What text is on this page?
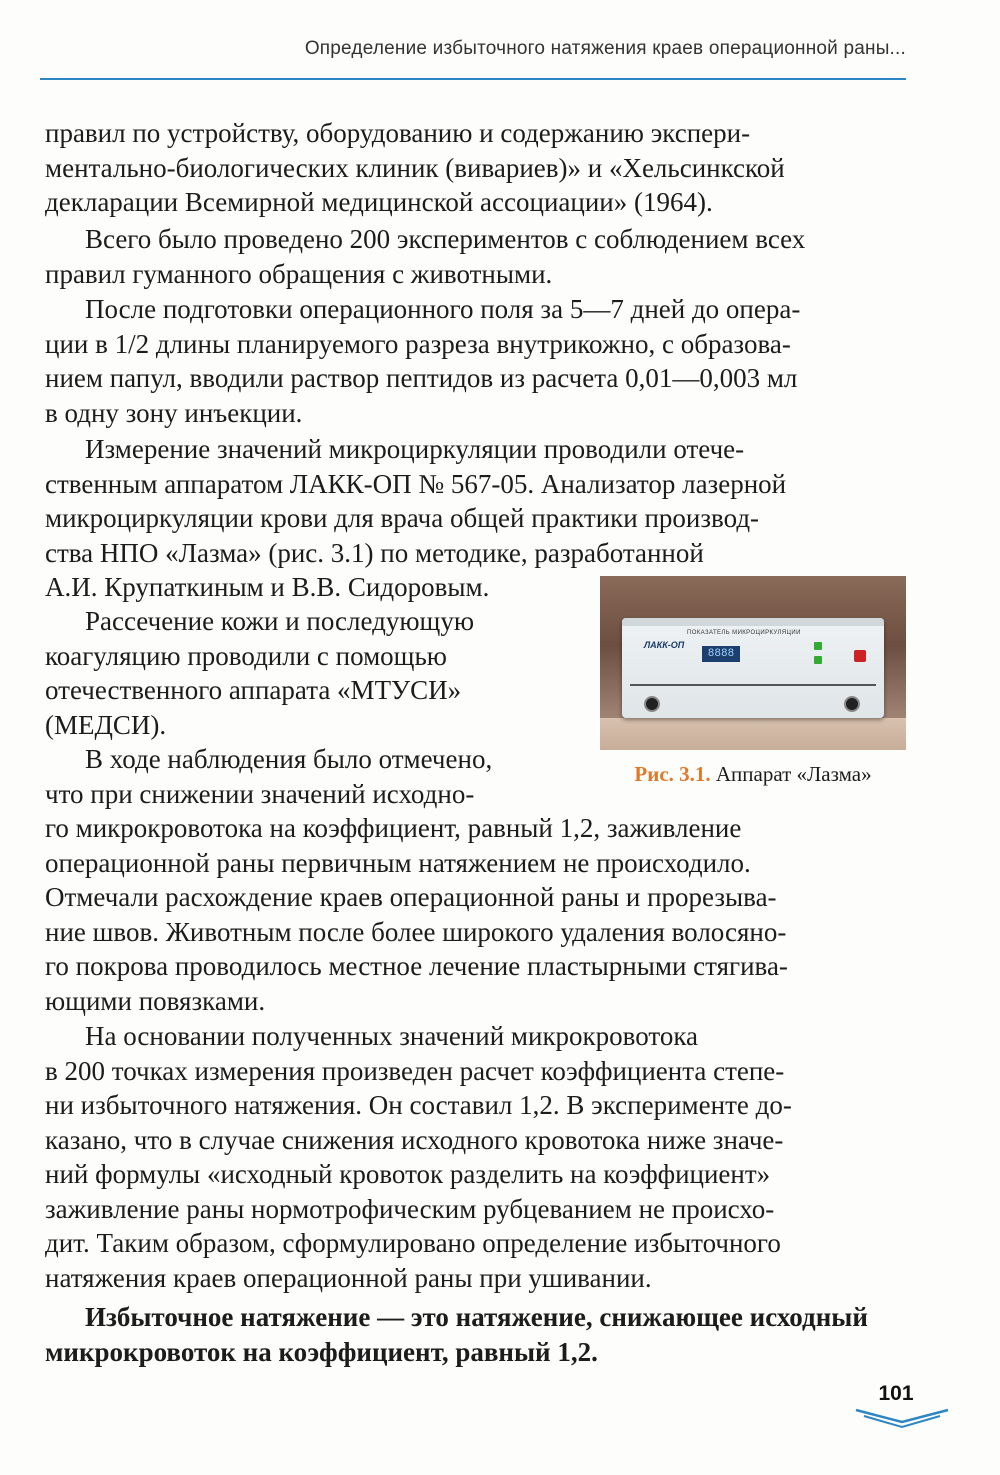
Определение избыточного натяжения краев операционной раны...
правил по устройству, оборудованию и содержанию экспери-
ментально-биологических клиник (вивариев)» и «Хельсинкской
декларации Всемирной медицинской ассоциации» (1964).
Всего было проведено 200 экспериментов с соблюдением всех
правил гуманного обращения с животными.
После подготовки операционного поля за 5—7 дней до опера-
ции в 1/2 длины планируемого разреза внутрикожно, с образова-
нием папул, вводили раствор пептидов из расчета 0,01—0,003 мл
в одну зону инъекции.
Измерение значений микроциркуляции проводили отече-
ственным аппаратом ЛАКК-ОП № 567-05. Анализатор лазерной
микроциркуляции крови для врача общей практики производ-
ства НПО «Лазма» (рис. 3.1) по методике, разработанной
А.И. Крупаткиным и В.В. Сидоровым.
Рассечение кожи и последующую
коагуляцию проводили с помощью
отечественного аппарата «МТУСИ»
(МЕДСИ).
В ходе наблюдения было отмечено,
что при снижении значений исходно-
го микрокровотока на коэффициент, равный 1,2, заживление
операционной раны первичным натяжением не происходило.
Отмечали расхождение краев операционной раны и прорезыва-
ние швов. Животным после более широкого удаления волосяно-
го покрова проводилось местное лечение пластырными стягива-
ющими повязками.
На основании полученных значений микрокровотока
в 200 точках измерения произведен расчет коэффициента степе-
ни избыточного натяжения. Он составил 1,2. В эксперименте до-
казано, что в случае снижения исходного кровотока ниже значе-
ний формулы «исходный кровоток разделить на коэффициент»
заживление раны нормотрофическим рубцеванием не происхо-
дит. Таким образом, сформулировано определение избыточного
натяжения краев операционной раны при ушивании.
Избыточное натяжение — это натяжение, снижающее исходный
микрокровоток на коэффициент, равный 1,2.
ПОКАЗАТЕЛЬ МИКРОЦИРКУЛЯЦИИ
ЛАКК-ОП
8888
Рис. 3.1. Аппарат «Лазма»
101
